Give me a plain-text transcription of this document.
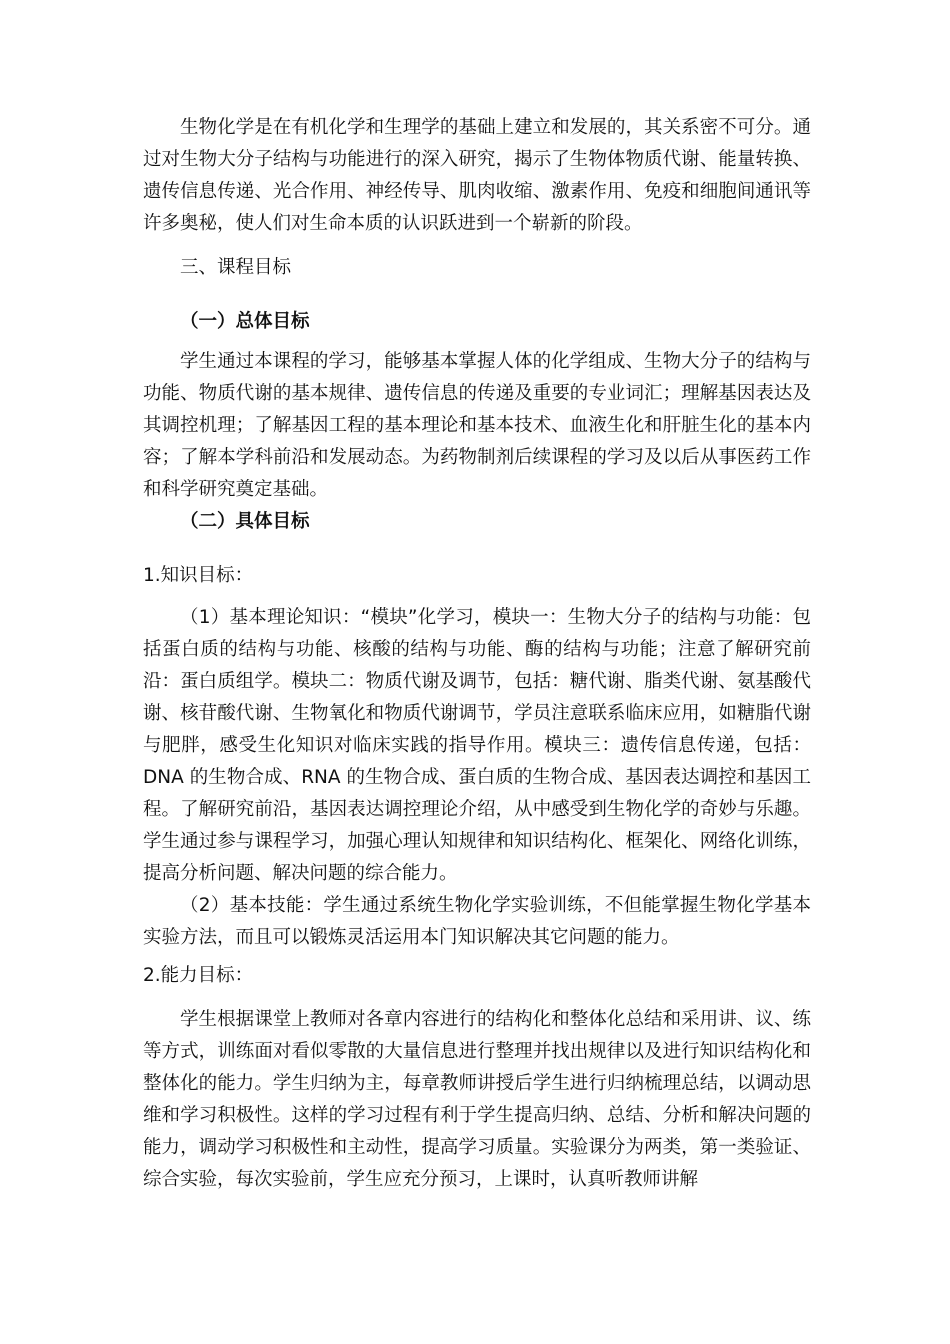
生物化学是在有机化学和生理学的基础上建立和发展的，其关系密不可分。通过对生物大分子结构与功能进行的深入研究，揭示了生物体物质代谢、能量转换、遗传信息传递、光合作用、神经传导、肌肉收缩、激素作用、免疫和细胞间通讯等许多奥秘，使人们对生命本质的认识跃进到一个崭新的阶段。

三、课程目标

（一）总体目标

学生通过本课程的学习，能够基本掌握人体的化学组成、生物大分子的结构与功能、物质代谢的基本规律、遗传信息的传递及重要的专业词汇；理解基因表达及其调控机理；了解基因工程的基本理论和基本技术、血液生化和肝脏生化的基本内容；了解本学科前沿和发展动态。为药物制剂后续课程的学习及以后从事医药工作和科学研究奠定基础。

（二）具体目标

1.知识目标：

（1）基本理论知识：“模块”化学习，模块一：生物大分子的结构与功能：包括蛋白质的结构与功能、核酸的结构与功能、酶的结构与功能；注意了解研究前沿：蛋白质组学。模块二：物质代谢及调节，包括：糖代谢、脂类代谢、氨基酸代谢、核苷酸代谢、生物氧化和物质代谢调节，学员注意联系临床应用，如糖脂代谢与肥胖，感受生化知识对临床实践的指导作用。模块三：遗传信息传递，包括：DNA 的生物合成、RNA 的生物合成、蛋白质的生物合成、基因表达调控和基因工程。了解研究前沿，基因表达调控理论介绍，从中感受到生物化学的奇妙与乐趣。学生通过参与课程学习，加强心理认知规律和知识结构化、框架化、网络化训练，提高分析问题、解决问题的综合能力。

（2）基本技能：学生通过系统生物化学实验训练，不但能掌握生物化学基本实验方法，而且可以锻炼灵活运用本门知识解决其它问题的能力。

2.能力目标：

学生根据课堂上教师对各章内容进行的结构化和整体化总结和采用讲、议、练等方式，训练面对看似零散的大量信息进行整理并找出规律以及进行知识结构化和整体化的能力。学生归纳为主，每章教师讲授后学生进行归纳梳理总结，以调动思维和学习积极性。这样的学习过程有利于学生提高归纳、总结、分析和解决问题的能力，调动学习积极性和主动性，提高学习质量。实验课分为两类，第一类验证、综合实验，每次实验前，学生应充分预习，上课时，认真听教师讲解
